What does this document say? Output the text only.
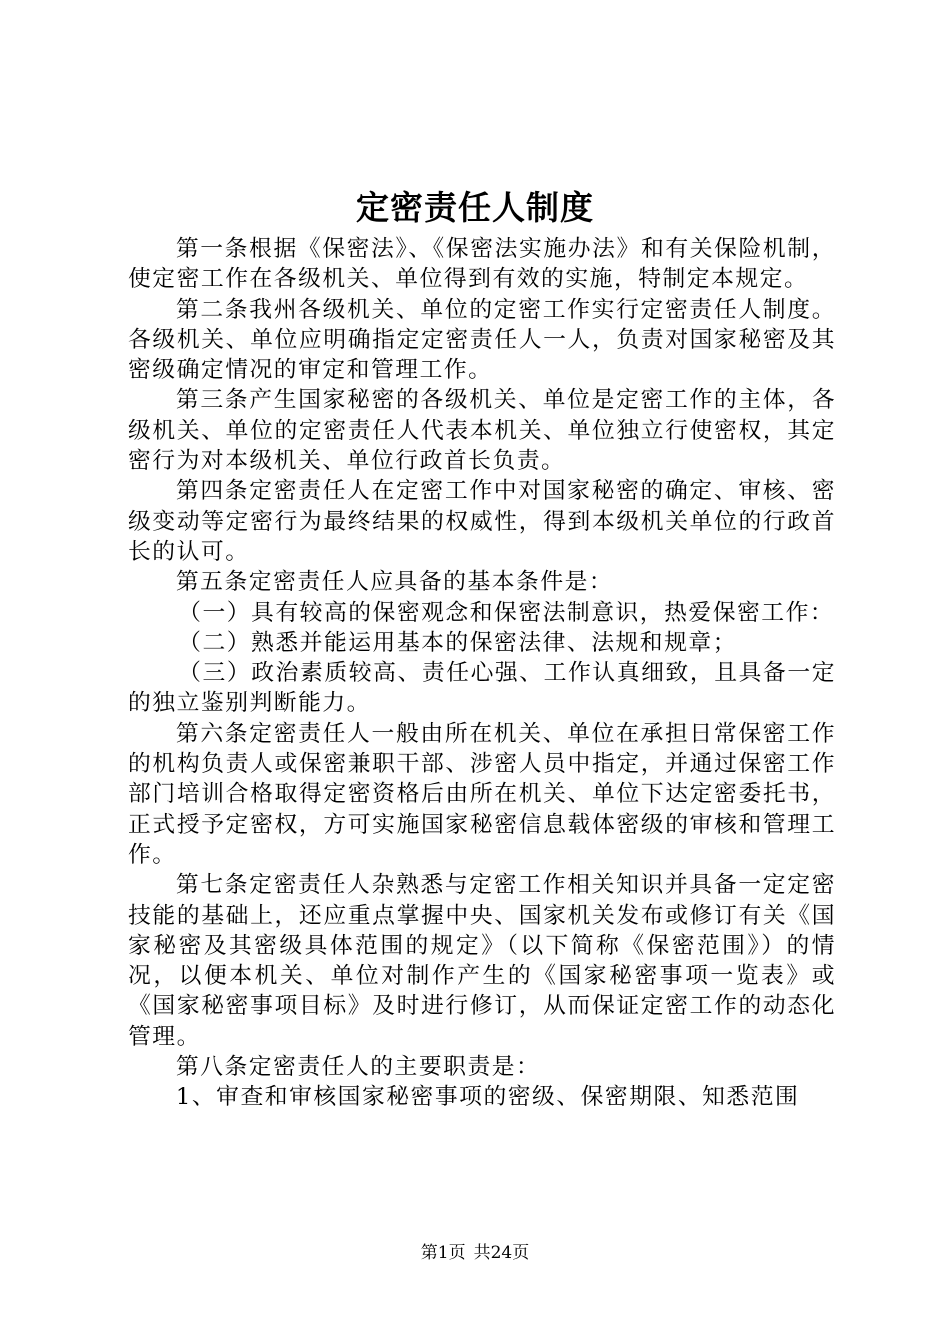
定密责任人制度

第一条根据《保密法》、《保密法实施办法》和有关保险机制，使定密工作在各级机关、单位得到有效的实施，特制定本规定。

第二条我州各级机关、单位的定密工作实行定密责任人制度。各级机关、单位应明确指定定密责任人一人，负责对国家秘密及其密级确定情况的审定和管理工作。

第三条产生国家秘密的各级机关、单位是定密工作的主体，各级机关、单位的定密责任人代表本机关、单位独立行使密权，其定密行为对本级机关、单位行政首长负责。

第四条定密责任人在定密工作中对国家秘密的确定、审核、密级变动等定密行为最终结果的权威性，得到本级机关单位的行政首长的认可。

第五条定密责任人应具备的基本条件是：

（一）具有较高的保密观念和保密法制意识，热爱保密工作：

（二）熟悉并能运用基本的保密法律、法规和规章；

（三）政治素质较高、责任心强、工作认真细致，且具备一定的独立鉴别判断能力。

第六条定密责任人一般由所在机关、单位在承担日常保密工作的机构负责人或保密兼职干部、涉密人员中指定，并通过保密工作部门培训合格取得定密资格后由所在机关、单位下达定密委托书，正式授予定密权，方可实施国家秘密信息载体密级的审核和管理工作。

第七条定密责任人杂熟悉与定密工作相关知识并具备一定定密技能的基础上，还应重点掌握中央、国家机关发布或修订有关《国家秘密及其密级具体范围的规定》（以下简称《保密范围》）的情况，以便本机关、单位对制作产生的《国家秘密事项一览表》或《国家秘密事项目标》及时进行修订，从而保证定密工作的动态化管理。

第八条定密责任人的主要职责是：

1、审查和审核国家秘密事项的密级、保密期限、知悉范围

第1页 共24页
